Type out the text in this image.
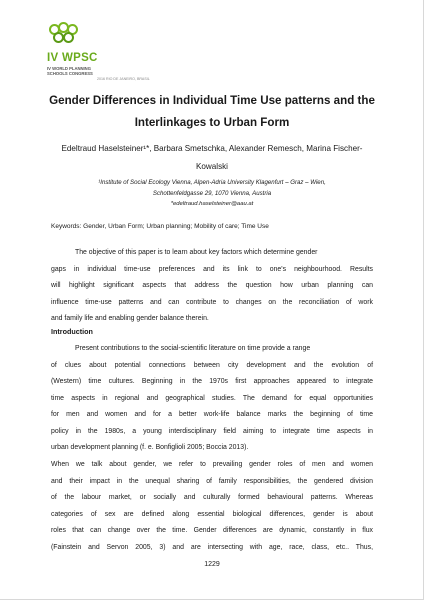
IV WPSC
IV WORLD PLANNING SCHOOLS CONGRESS
2016 RIO DE JANEIRO, BRASIL
Gender Differences in Individual Time Use patterns and the
Interlinkages to Urban Form
Edeltraud Haselsteiner¹*, Barbara Smetschka, Alexander Remesch, Marina Fischer-
Kowalski
¹Institute of Social Ecology Vienna, Alpen-Adria University Klagenfurt – Graz – Wien,
Schottenfeldgasse 29, 1070 Vienna, Austria
*edeltraud.haselsteiner@aau.at
Keywords: Gender, Urban Form; Urban planning; Mobility of care; Time Use
The objective of this paper is to learn about key factors which determine gender
gaps in individual time-use preferences and its link to one's neighbourhood. Results
will highlight significant aspects that address the question how urban planning can
influence time-use patterns and can contribute to changes on the reconciliation of work
and family life and enabling gender balance therein.
Introduction
Present contributions to the social-scientific literature on time provide a range
of clues about potential connections between city development and the evolution of
(Western) time cultures. Beginning in the 1970s first approaches appeared to integrate
time aspects in regional and geographical studies. The demand for equal opportunities
for men and women and for a better work-life balance marks the beginning of time
policy in the 1980s, a young interdisciplinary field aiming to integrate time aspects in
urban development planning (f. e. Bonfiglioli 2005; Boccia 2013).
When we talk about gender, we refer to prevailing gender roles of men and women
and their impact in the unequal sharing of family responsibilities, the gendered division
of the labour market, or socially and culturally formed behavioural patterns. Whereas
categories of sex are defined along essential biological differences, gender is about
roles that can change over the time. Gender differences are dynamic, constantly in flux
(Fainstein and Servon 2005, 3) and are intersecting with age, race, class, etc.. Thus,
1229
